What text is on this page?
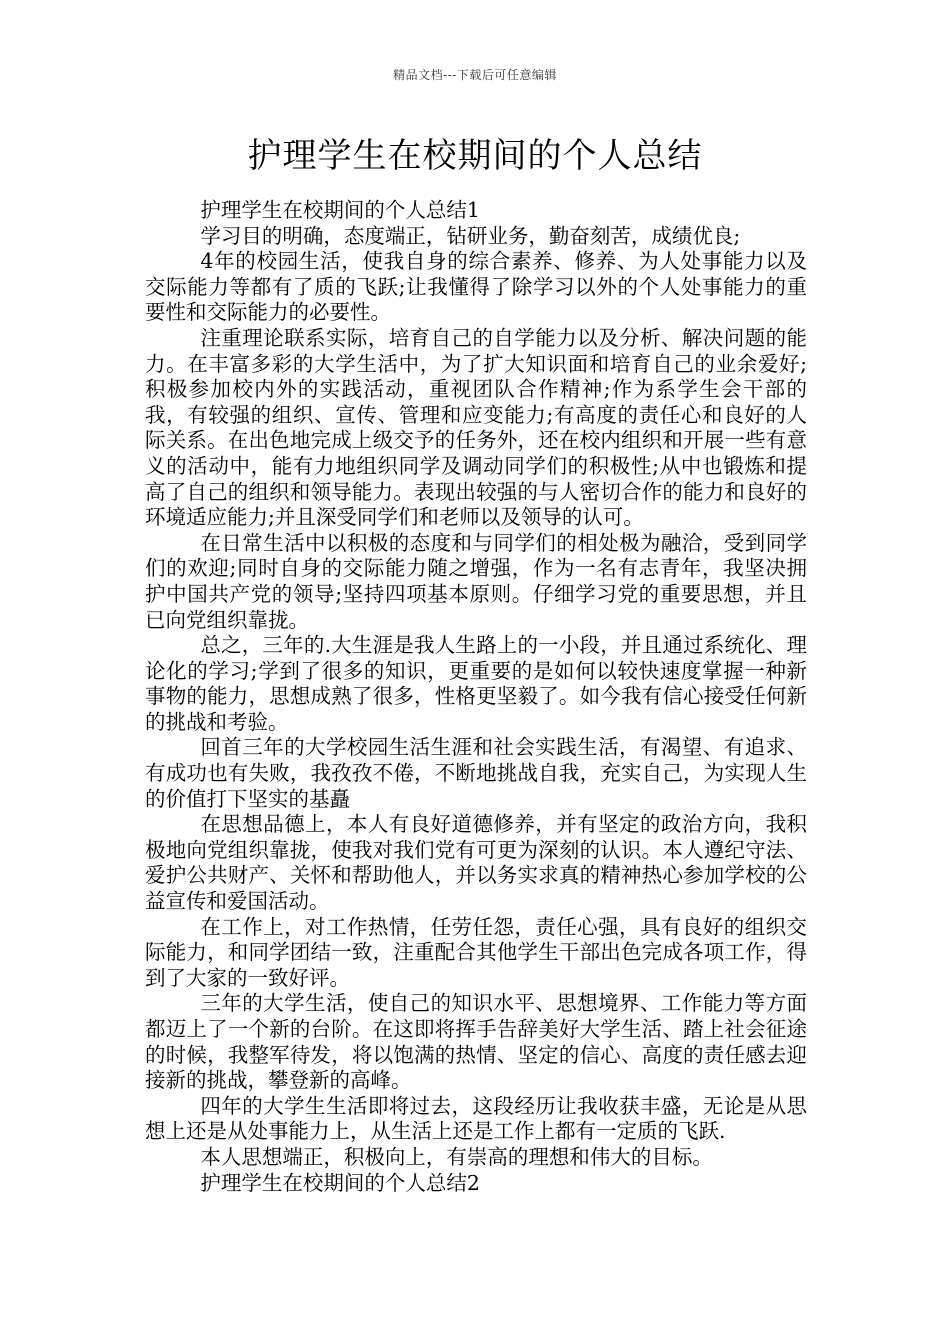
精品文档---下载后可任意编辑
护理学生在校期间的个人总结

护理学生在校期间的个人总结1

学习目的明确，态度端正，钻研业务，勤奋刻苦，成绩优良;

4年的校园生活，使我自身的综合素养、修养、为人处事能力以及交际能力等都有了质的飞跃;让我懂得了除学习以外的个人处事能力的重要性和交际能力的必要性。

注重理论联系实际，培育自己的自学能力以及分析、解决问题的能力。在丰富多彩的大学生活中，为了扩大知识面和培育自己的业余爱好;积极参加校内外的实践活动，重视团队合作精神;作为系学生会干部的我，有较强的组织、宣传、管理和应变能力;有高度的责任心和良好的人际关系。在出色地完成上级交予的任务外，还在校内组织和开展一些有意义的活动中，能有力地组织同学及调动同学们的积极性;从中也锻炼和提高了自己的组织和领导能力。表现出较强的与人密切合作的能力和良好的环境适应能力;并且深受同学们和老师以及领导的认可。

在日常生活中以积极的态度和与同学们的相处极为融洽，受到同学们的欢迎;同时自身的交际能力随之增强，作为一名有志青年，我坚决拥护中国共产党的领导;坚持四项基本原则。仔细学习党的重要思想，并且已向党组织靠拢。

总之，三年的.大生涯是我人生路上的一小段，并且通过系统化、理论化的学习;学到了很多的知识，更重要的是如何以较快速度掌握一种新事物的能力，思想成熟了很多，性格更坚毅了。如今我有信心接受任何新的挑战和考验。

回首三年的大学校园生活生涯和社会实践生活，有渴望、有追求、有成功也有失败，我孜孜不倦，不断地挑战自我，充实自己，为实现人生的价值打下坚实的基矗

在思想品德上，本人有良好道德修养，并有坚定的政治方向，我积极地向党组织靠拢，使我对我们党有可更为深刻的认识。本人遵纪守法、爱护公共财产、关怀和帮助他人，并以务实求真的精神热心参加学校的公益宣传和爱国活动。

在工作上，对工作热情，任劳任怨，责任心强，具有良好的组织交际能力，和同学团结一致，注重配合其他学生干部出色完成各项工作，得到了大家的一致好评。

三年的大学生活，使自己的知识水平、思想境界、工作能力等方面都迈上了一个新的台阶。在这即将挥手告辞美好大学生活、踏上社会征途的时候，我整军待发，将以饱满的热情、坚定的信心、高度的责任感去迎接新的挑战，攀登新的高峰。

四年的大学生生活即将过去，这段经历让我收获丰盛，无论是从思想上还是从处事能力上，从生活上还是工作上都有一定质的飞跃.

本人思想端正，积极向上，有崇高的理想和伟大的目标。

护理学生在校期间的个人总结2
